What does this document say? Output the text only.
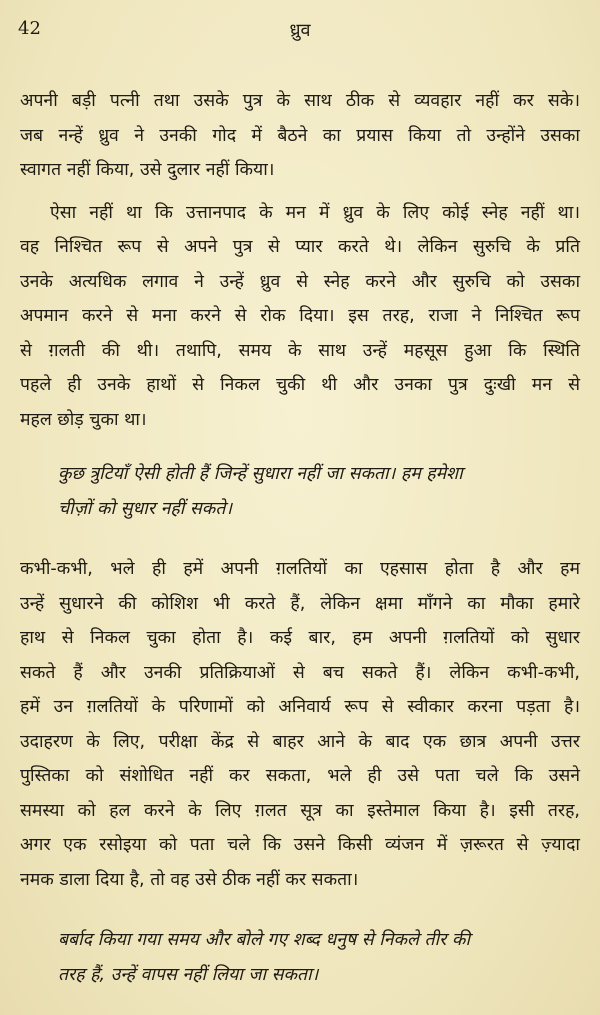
42	ध्रुव
अपनी बड़ी पत्नी तथा उसके पुत्र के साथ ठीक से व्यवहार नहीं कर सके।
जब नन्हें ध्रुव ने उनकी गोद में बैठने का प्रयास किया तो उन्होंने उसका
स्वागत नहीं किया, उसे दुलार नहीं किया।
ऐसा नहीं था कि उत्तानपाद के मन में ध्रुव के लिए कोई स्नेह नहीं था।
वह निश्चित रूप से अपने पुत्र से प्यार करते थे। लेकिन सुरुचि के प्रति
उनके अत्यधिक लगाव ने उन्हें ध्रुव से स्नेह करने और सुरुचि को उसका
अपमान करने से मना करने से रोक दिया। इस तरह, राजा ने निश्चित रूप
से ग़लती की थी। तथापि, समय के साथ उन्हें महसूस हुआ कि स्थिति
पहले ही उनके हाथों से निकल चुकी थी और उनका पुत्र दुःखी मन से
महल छोड़ चुका था।
कुछ त्रुटियाँ ऐसी होती हैं जिन्हें सुधारा नहीं जा सकता। हम हमेशा
चीज़ों को सुधार नहीं सकते।
कभी-कभी, भले ही हमें अपनी ग़लतियों का एहसास होता है और हम
उन्हें सुधारने की कोशिश भी करते हैं, लेकिन क्षमा माँगने का मौका हमारे
हाथ से निकल चुका होता है। कई बार, हम अपनी ग़लतियों को सुधार
सकते हैं और उनकी प्रतिक्रियाओं से बच सकते हैं। लेकिन कभी-कभी,
हमें उन ग़लतियों के परिणामों को अनिवार्य रूप से स्वीकार करना पड़ता है।
उदाहरण के लिए, परीक्षा केंद्र से बाहर आने के बाद एक छात्र अपनी उत्तर
पुस्तिका को संशोधित नहीं कर सकता, भले ही उसे पता चले कि उसने
समस्या को हल करने के लिए ग़लत सूत्र का इस्तेमाल किया है। इसी तरह,
अगर एक रसोइया को पता चले कि उसने किसी व्यंजन में ज़रूरत से ज़्यादा
नमक डाला दिया है, तो वह उसे ठीक नहीं कर सकता।
बर्बाद किया गया समय और बोले गए शब्द धनुष से निकले तीर की
तरह हैं, उन्हें वापस नहीं लिया जा सकता।
